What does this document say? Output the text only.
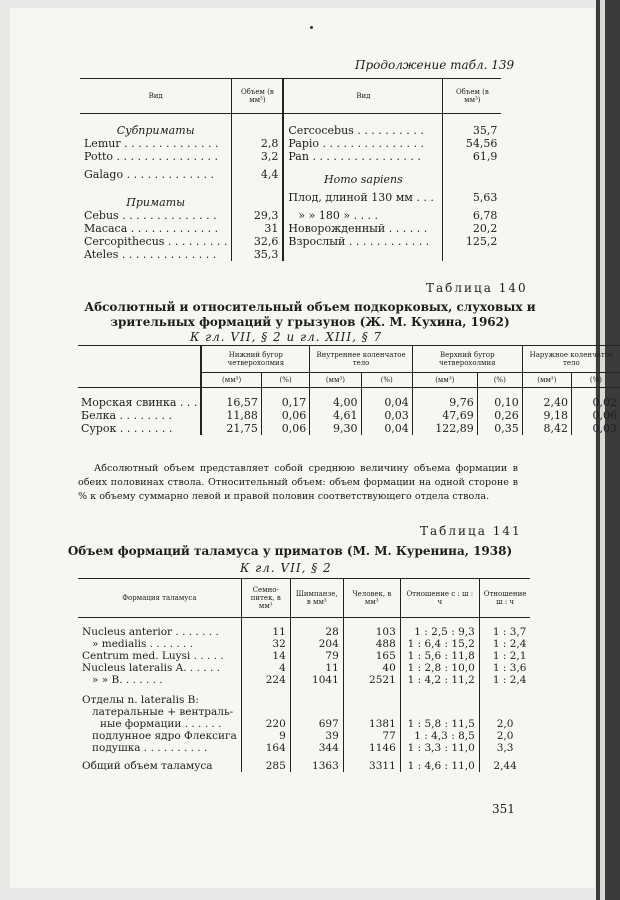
Продолжение табл. 139
Вид	Объем (в мм³)	Вид	Объем (в мм³)
Субприматы		Cercocebus . . . . . . . . . .	35,7
Lemur . . . . . . . . . . . . . .	2,8	Papio . . . . . . . . . . . . . . .	54,56
Potto . . . . . . . . . . . . . . .	3,2	Pan . . . . . . . . . . . . . . . .	61,9
Galago . . . . . . . . . . . . .	4,4	Homo sapiens	
Приматы		Плод, длиной 130 мм . . .	5,63
Cebus . . . . . . . . . . . . . .	29,3	» » 180 » . . . .	6,78
Macaca . . . . . . . . . . . . .	31	Новорожденный . . . . . .	20,2
Cercopithecus . . . . . . . . .	32,6	Взрослый . . . . . . . . . . . .	125,2
Ateles . . . . . . . . . . . . . .	35,3		
Таблица 140
Абсолютный и относительный объем подкорковых, слуховых и зрительных формаций у грызунов (Ж. М. Кухина, 1962)
К гл. VII, § 2 и гл. XIII, § 7
	Нижний бугор четверохолмия		Внутреннее коленчатое тело		Верхний бугор четверохолмия		Наружное коленчатое тело	
	(мм³)	(%)	(мм³)	(%)	(мм³)	(%)	(мм³)	(%)

Морская свинка . . .	16,57	0,17	4,00	0,04	9,76	0,10	2,40	0,02
Белка . . . . . . . .	11,88	0,06	4,61	0,03	47,69	0,26	9,18	0,06
Сурок . . . . . . . .	21,75	0,06	9,30	0,04	122,89	0,35	8,42	0,03
Абсолютный объем представляет собой среднюю величину объема формации в обеих половинах ствола. Относительный объем: объем формации на одной стороне в % к объему суммарно левой и правой половин соответствующего отдела ствола.
Таблица 141
Объем формаций таламуса у приматов (М. М. Куренина, 1938)
К гл. VII, § 2
Формация таламуса	Семно-питек, в мм³	Шимпанзе, в мм³	Человек, в мм³	Отношение с : ш : ч	Отношение ш : ч

Nucleus anterior . . . . . . .	11	28	103	1 : 2,5 : 9,3	1 : 3,7
» medialis . . . . . . .	32	204	488	1 : 6,4 : 15,2	1 : 2,4
Centrum med. Luysi . . . . .	14	79	165	1 : 5,6 : 11,8	1 : 2,1
Nucleus lateralis A. . . . . .	4	11	40	1 : 2,8 : 10,0	1 : 3,6
» » B. . . . . . .	224	1041	2521	1 : 4,2 : 11,2	1 : 2,4
Отделы n. lateralis B:					
латеральные + вентраль-					
ные формации . . . . . .	220	697	1381	1 : 5,8 : 11,5	2,0
подлунное ядро Флексига	9	39	77	1 : 4,3 : 8,5	2,0
подушка . . . . . . . . . .	164	344	1146	1 : 3,3 : 11,0	3,3
Общий объем таламуса	285	1363	3311	1 : 4,6 : 11,0	2,44
351
